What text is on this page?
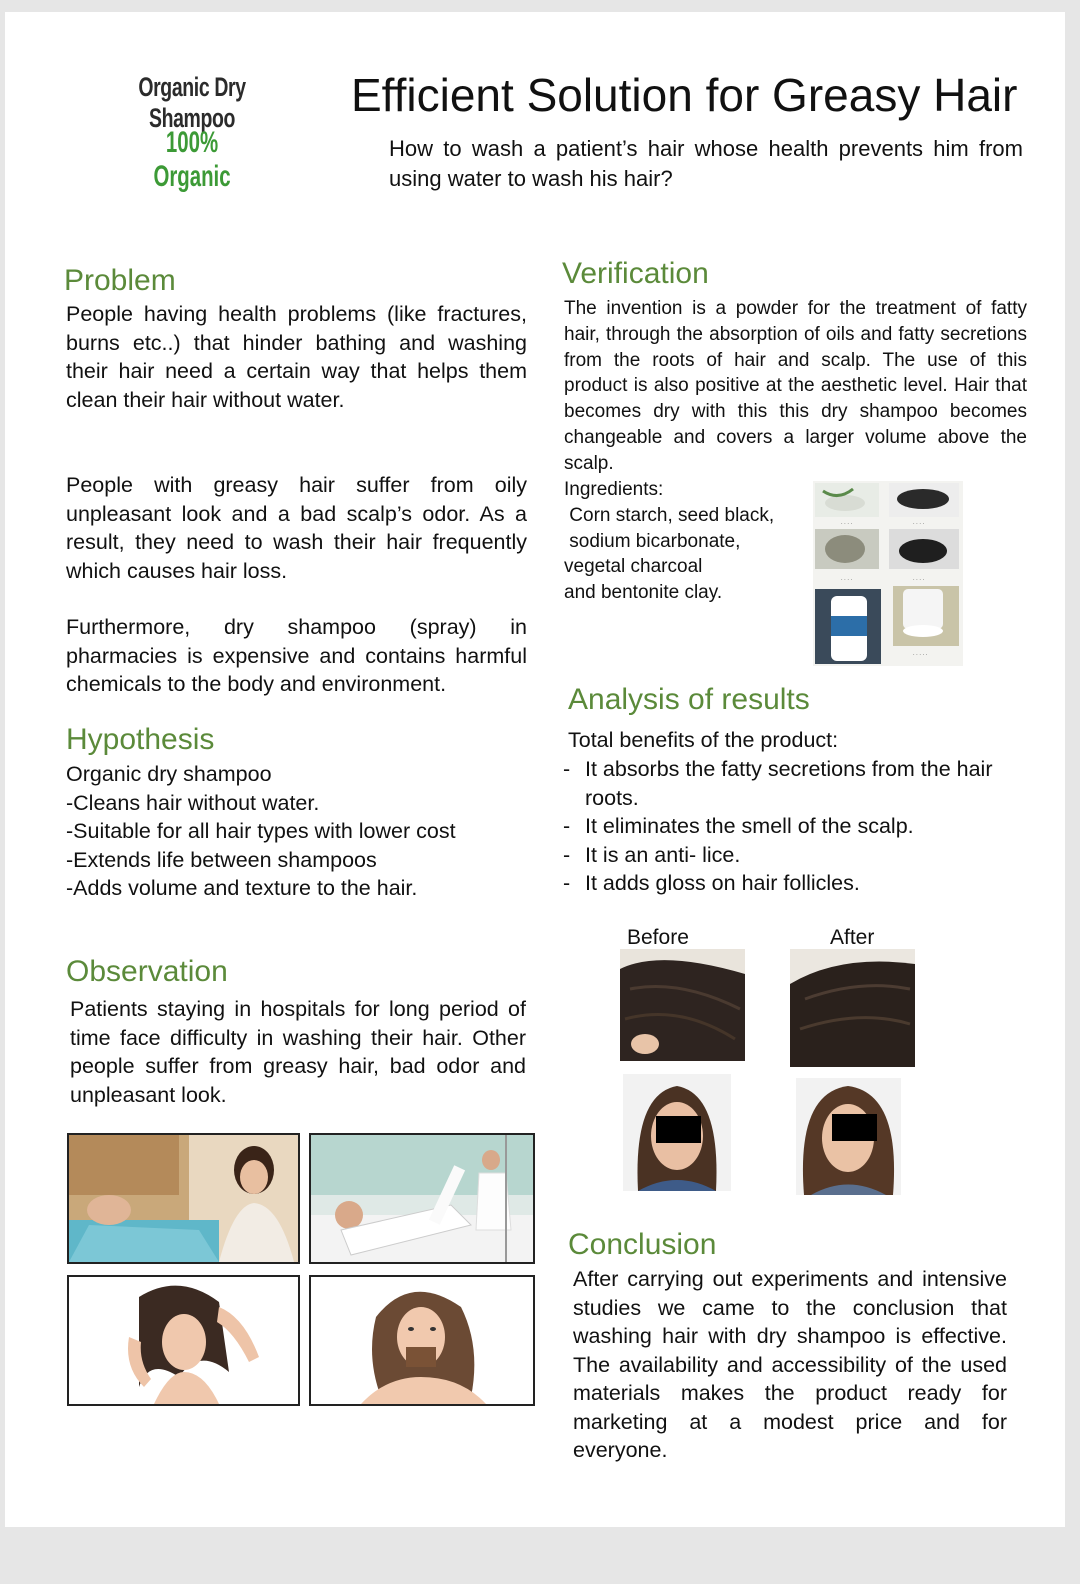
Organic Dry Shampoo
100% Organic
Efficient Solution for Greasy Hair
How to wash a patient’s hair whose health prevents him from using water to wash his hair?
Problem
People having health problems (like fractures, burns etc..) that hinder bathing and washing their hair need a certain way that helps them clean their hair without water.
People with greasy hair suffer from oily unpleasant look and a bad scalp’s odor. As a result, they need to wash their hair frequently which causes hair loss.
Furthermore, dry shampoo (spray) in pharmacies is expensive and contains harmful chemicals to the body and environment.
Hypothesis
Organic dry shampoo
-Cleans hair without water.
-Suitable for all hair types with lower cost
-Extends life between shampoos
-Adds volume and texture to the hair.
Observation
Patients staying in hospitals for long period of time face difficulty in washing their hair. Other people suffer from greasy hair, bad odor and unpleasant look.
Verification
The invention is a powder for the treatment of fatty hair, through the absorption of oils and fatty secretions from the roots of hair and scalp. The use of this product is also positive at the aesthetic level. Hair that becomes dry with this this dry shampoo becomes changeable and covers a larger volume above the scalp.
Ingredients:
Corn starch, seed black,
sodium bicarbonate,
vegetal charcoal
and bentonite clay.
· · · ·	· · · ·
· · · ·	· · · ·
· · · · ·
Analysis of results
Total benefits of the product:
- It absorbs the fatty secretions from the hair roots.
- It eliminates the smell of the scalp.
- It is an anti- lice.
- It adds gloss on hair follicles.
Before	After
Conclusion
After carrying out experiments and intensive studies we came to the conclusion that washing hair with dry shampoo is effective. The availability and accessibility of the used materials makes the product ready for marketing at a modest price and for everyone.
